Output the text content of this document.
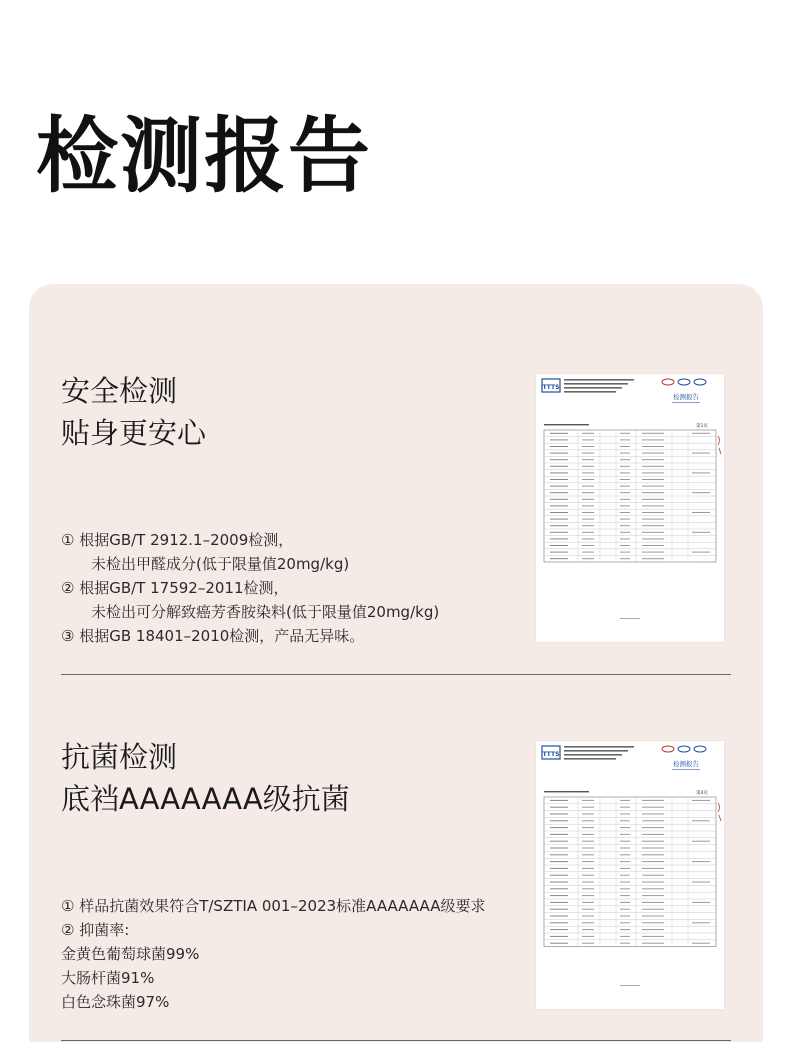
检测报告
安全检测
贴身更安心
① 根据GB/T 2912.1–2009检测，
未检出甲醛成分(低于限量值20mg/kg)
② 根据GB/T 17592–2011检测，
未检出可分解致癌芳香胺染料(低于限量值20mg/kg)
③ 根据GB 18401–2010检测，产品无异味。
TTTS
检测报告
第1页
抗菌检测
底裆AAAAAAA级抗菌
① 样品抗菌效果符合T/SZTIA 001–2023标准AAAAAAA级要求
② 抑菌率:
金黄色葡萄球菌99%
大肠杆菌91%
白色念珠菌97%
TTTS
检测报告
第4页
